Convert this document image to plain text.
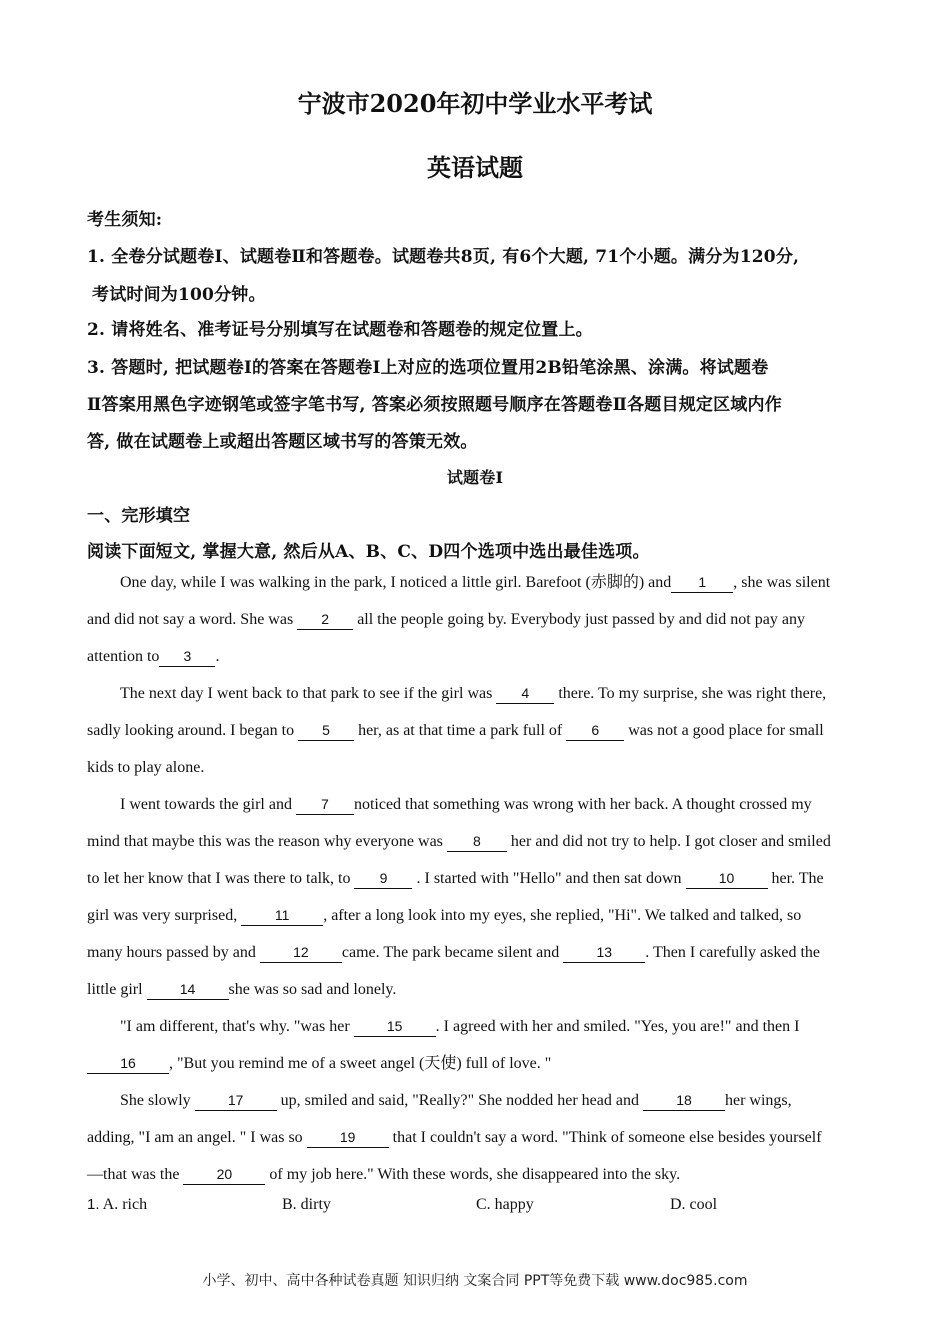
宁波市2020年初中学业水平考试
英语试题
考生须知:
1. 全卷分试题卷Ⅰ、试题卷Ⅱ和答题卷。试题卷共8页, 有6个大题, 71个小题。满分为120分,
考试时间为100分钟。
2. 请将姓名、准考证号分别填写在试题卷和答题卷的规定位置上。
3. 答题时, 把试题卷Ⅰ的答案在答题卷Ⅰ上对应的选项位置用2B铅笔涂黑、涂满。将试题卷
Ⅱ答案用黑色字迹钢笔或签字笔书写, 答案必须按照题号顺序在答题卷Ⅱ各题目规定区域内作
答, 做在试题卷上或超出答题区域书写的答策无效。
试题卷Ⅰ
一、完形填空
阅读下面短文, 掌握大意, 然后从A、B、C、D四个选项中选出最佳选项。
One day, while I was walking in the park, I noticed a little girl. Barefoot (赤脚的) and 1 , she was silent
and did not say a word. She was 2 all the people going by. Everybody just passed by and did not pay any
attention to 3 .
The next day I went back to that park to see if the girl was 4 there. To my surprise, she was right there,
sadly looking around. I began to 5 her, as at that time a park full of 6 was not a good place for small
kids to play alone.
I went towards the girl and 7 noticed that something was wrong with her back. A thought crossed my
mind that maybe this was the reason why everyone was 8 her and did not try to help. I got closer and smiled
to let her know that I was there to talk, to 9 . I started with "Hello" and then sat down 10 her. The
girl was very surprised, 11 , after a long look into my eyes, she replied, "Hi". We talked and talked, so
many hours passed by and 12 came. The park became silent and 13 . Then I carefully asked the
little girl 14 she was so sad and lonely.
"I am different, that's why. "was her 15 . I agreed with her and smiled. "Yes, you are!" and then I
16 , "But you remind me of a sweet angel (天使) full of love. "
She slowly 17 up, smiled and said, "Really?" She nodded her head and 18 her wings,
adding, "I am an angel. " I was so 19 that I couldn't say a word. "Think of someone else besides yourself
—that was the 20 of my job here." With these words, she disappeared into the sky.
1. A. rich	B. dirty	C. happy	D. cool
小学、初中、高中各种试卷真题 知识归纳 文案合同 PPT等免费下载 www.doc985.com
